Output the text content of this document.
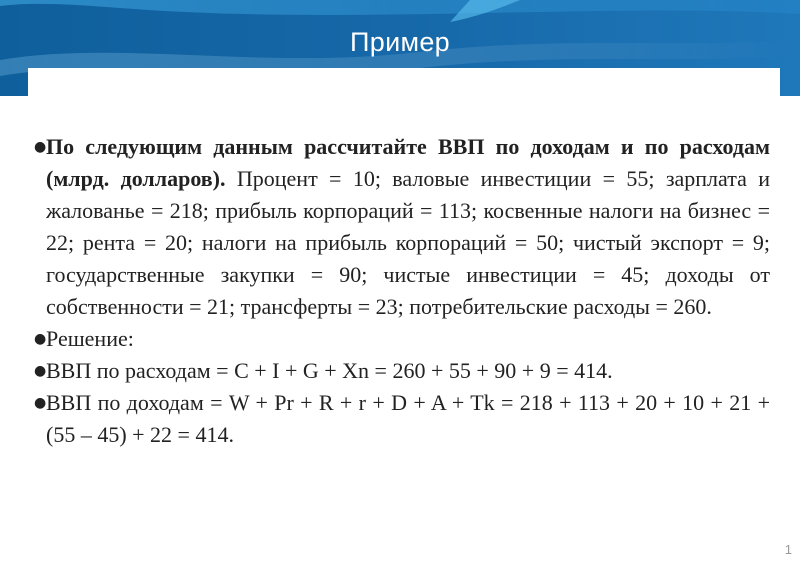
Пример

● По следующим данным рассчитайте ВВП по доходам и по расходам (млрд. долларов). Процент = 10; валовые инвестиции = 55; зарплата и жалованье = 218; прибыль корпораций = 113; косвенные налоги на бизнес = 22; рента = 20; налоги на прибыль корпораций = 50; чистый экспорт = 9; государственные закупки = 90; чистые инвестиции = 45; доходы от собственности = 21; трансферты = 23; потребительские расходы = 260.

● Решение:

● ВВП по расходам = C + I + G + Xn = 260 + 55 + 90 + 9 = 414.

● ВВП по доходам = W + Pr + R + r + D + A + Tk = 218 + 113 + 20 + 10 + 21 + (55 – 45) + 22 = 414.

1
